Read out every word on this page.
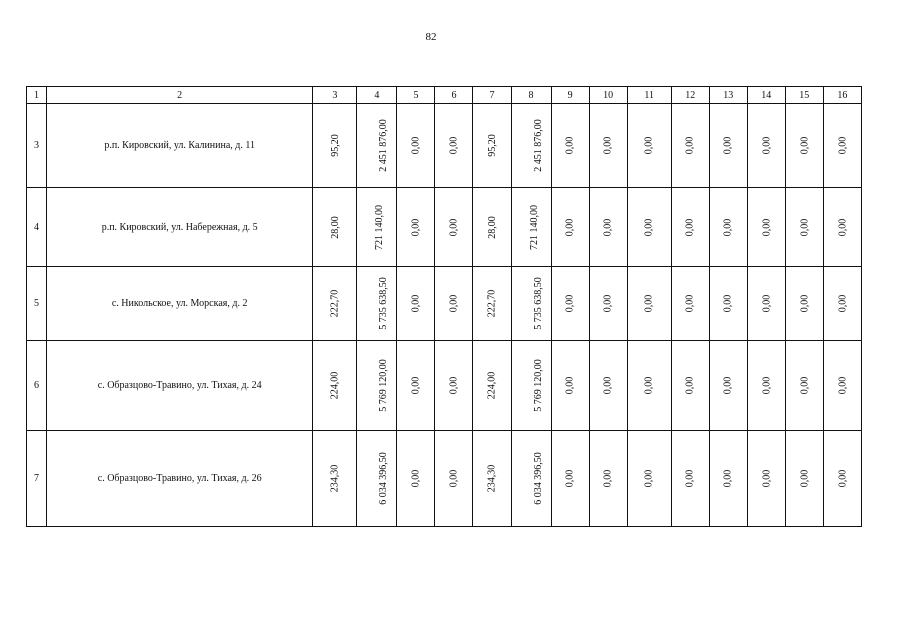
82
1	2	3	4	5	6	7	8	9	10	11	12	13	14	15	16
3	р.п. Кировский, ул. Калинина, д. 11	95,20	2 451 876,00	0,00	0,00	95,20	2 451 876,00	0,00	0,00	0,00	0,00	0,00	0,00	0,00	0,00
4	р.п. Кировский, ул. Набережная, д. 5	28,00	721 140,00	0,00	0,00	28,00	721 140,00	0,00	0,00	0,00	0,00	0,00	0,00	0,00	0,00
5	с. Никольское, ул. Морская, д. 2	222,70	5 735 638,50	0,00	0,00	222,70	5 735 638,50	0,00	0,00	0,00	0,00	0,00	0,00	0,00	0,00
6	с. Образцово-Травино, ул. Тихая, д. 24	224,00	5 769 120,00	0,00	0,00	224,00	5 769 120,00	0,00	0,00	0,00	0,00	0,00	0,00	0,00	0,00
7	с. Образцово-Травино, ул. Тихая, д. 26	234,30	6 034 396,50	0,00	0,00	234,30	6 034 396,50	0,00	0,00	0,00	0,00	0,00	0,00	0,00	0,00
